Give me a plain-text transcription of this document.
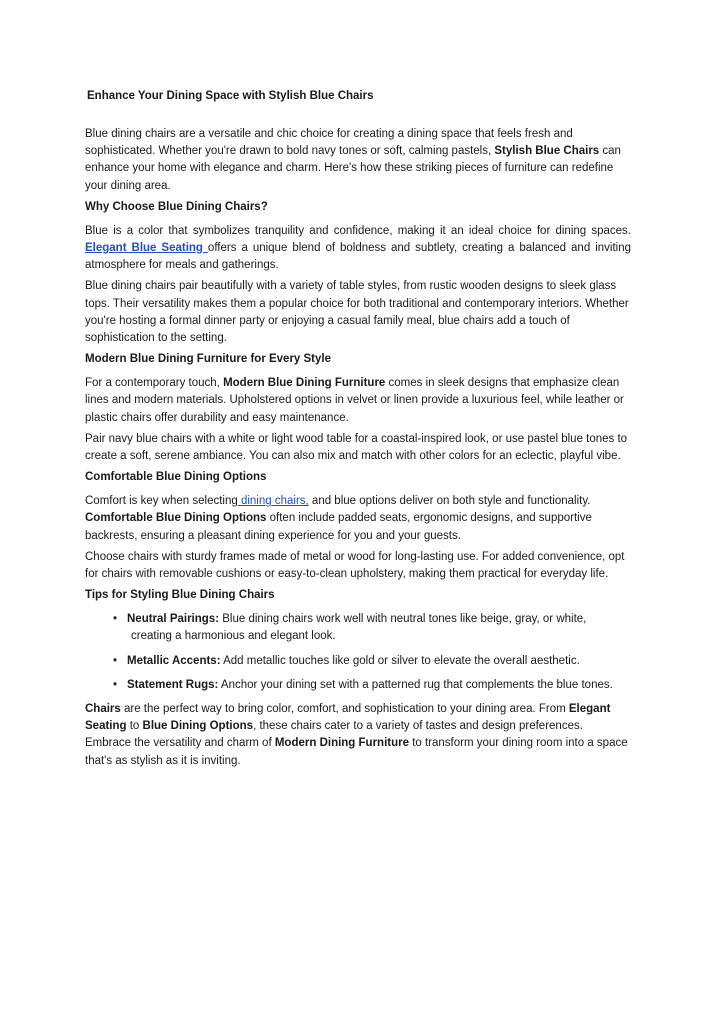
Enhance Your Dining Space with Stylish Blue Chairs

Blue dining chairs are a versatile and chic choice for creating a dining space that feels fresh and sophisticated. Whether you're drawn to bold navy tones or soft, calming pastels, Stylish Blue Chairs can enhance your home with elegance and charm. Here's how these striking pieces of furniture can redefine your dining area.

Why Choose Blue Dining Chairs?

Blue is a color that symbolizes tranquility and confidence, making it an ideal choice for dining spaces. Elegant Blue Seating offers a unique blend of boldness and subtlety, creating a balanced and inviting atmosphere for meals and gatherings.

Blue dining chairs pair beautifully with a variety of table styles, from rustic wooden designs to sleek glass tops. Their versatility makes them a popular choice for both traditional and contemporary interiors. Whether you're hosting a formal dinner party or enjoying a casual family meal, blue chairs add a touch of sophistication to the setting.

Modern Blue Dining Furniture for Every Style

For a contemporary touch, Modern Blue Dining Furniture comes in sleek designs that emphasize clean lines and modern materials. Upholstered options in velvet or linen provide a luxurious feel, while leather or plastic chairs offer durability and easy maintenance.

Pair navy blue chairs with a white or light wood table for a coastal-inspired look, or use pastel blue tones to create a soft, serene ambiance. You can also mix and match with other colors for an eclectic, playful vibe.

Comfortable Blue Dining Options

Comfort is key when selecting dining chairs, and blue options deliver on both style and functionality. Comfortable Blue Dining Options often include padded seats, ergonomic designs, and supportive backrests, ensuring a pleasant dining experience for you and your guests.

Choose chairs with sturdy frames made of metal or wood for long-lasting use. For added convenience, opt for chairs with removable cushions or easy-to-clean upholstery, making them practical for everyday life.

Tips for Styling Blue Dining Chairs
• Neutral Pairings: Blue dining chairs work well with neutral tones like beige, gray, or white,
creating a harmonious and elegant look.
• Metallic Accents: Add metallic touches like gold or silver to elevate the overall aesthetic.
• Statement Rugs: Anchor your dining set with a patterned rug that complements the blue tones.

Chairs are the perfect way to bring color, comfort, and sophistication to your dining area. From Elegant Seating to Blue Dining Options, these chairs cater to a variety of tastes and design preferences. Embrace the versatility and charm of Modern Dining Furniture to transform your dining room into a space that's as stylish as it is inviting.
